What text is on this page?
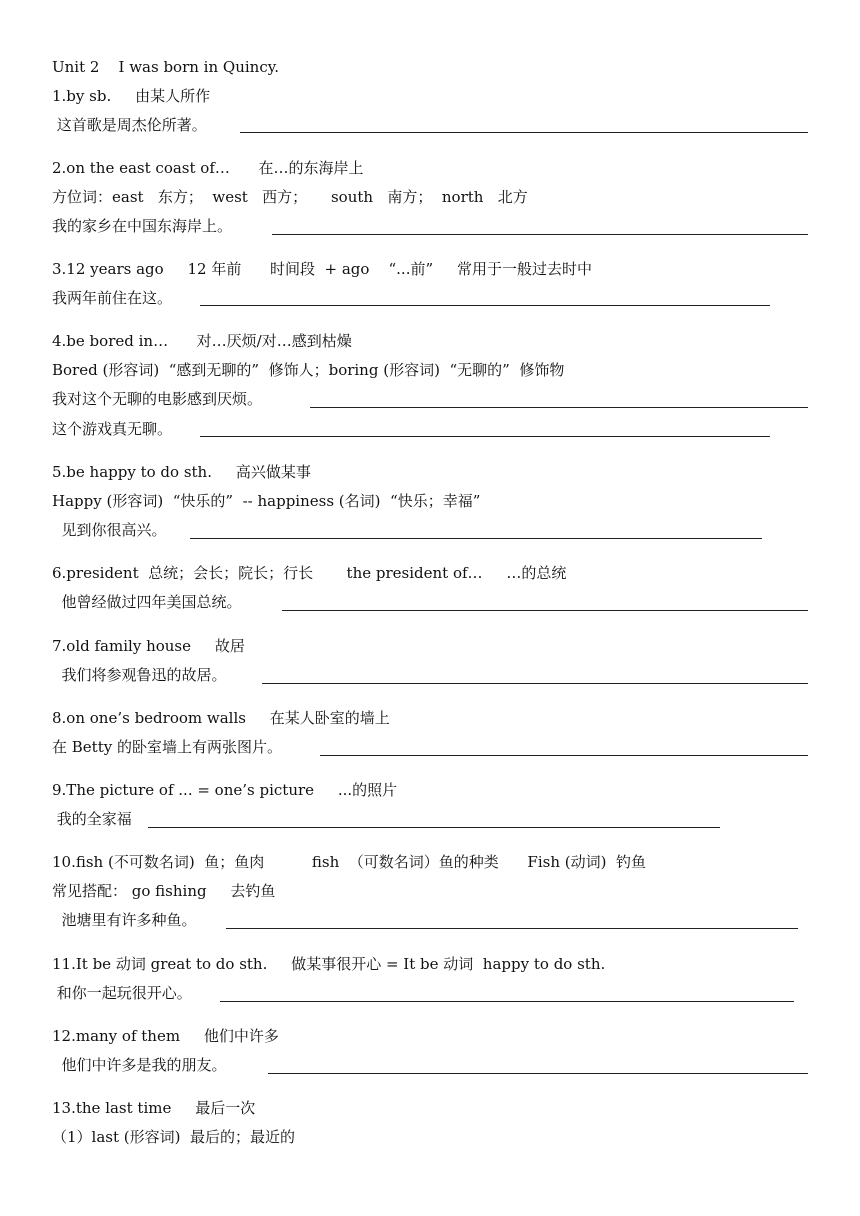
Unit 2    I was born in Quincy.
1.by sb.     由某人所作
这首歌是周杰伦所著。
2.on the east coast of…      在…的东海岸上
方位词：east   东方；  west   西方；     south   南方；  north   北方
我的家乡在中国东海岸上。
3.12 years ago     12 年前      时间段  + ago    “...前”     常用于一般过去时中
我两年前住在这。
4.be bored in…      对…厌烦/对…感到枯燥
Bored (形容词)  “感到无聊的”  修饰人；boring (形容词)  “无聊的”  修饰物
我对这个无聊的电影感到厌烦。
这个游戏真无聊。
5.be happy to do sth.     高兴做某事
Happy (形容词)  “快乐的”  -- happiness (名词)  “快乐；幸福”
见到你很高兴。
6.president  总统；会长；院长；行长       the president of…     …的总统
他曾经做过四年美国总统。
7.old family house     故居
我们将参观鲁迅的故居。
8.on one’s bedroom walls     在某人卧室的墙上
在 Betty 的卧室墙上有两张图片。
9.The picture of ... = one’s picture     ...的照片
我的全家福
10.fish (不可数名词)  鱼；鱼肉          fish  （可数名词）鱼的种类      Fish (动词)  钓鱼
常见搭配： go fishing     去钓鱼
池塘里有许多种鱼。
11.It be 动词 great to do sth.     做某事很开心 = It be 动词  happy to do sth.
和你一起玩很开心。
12.many of them     他们中许多
他们中许多是我的朋友。
13.the last time     最后一次
（1）last (形容词)  最后的；最近的
